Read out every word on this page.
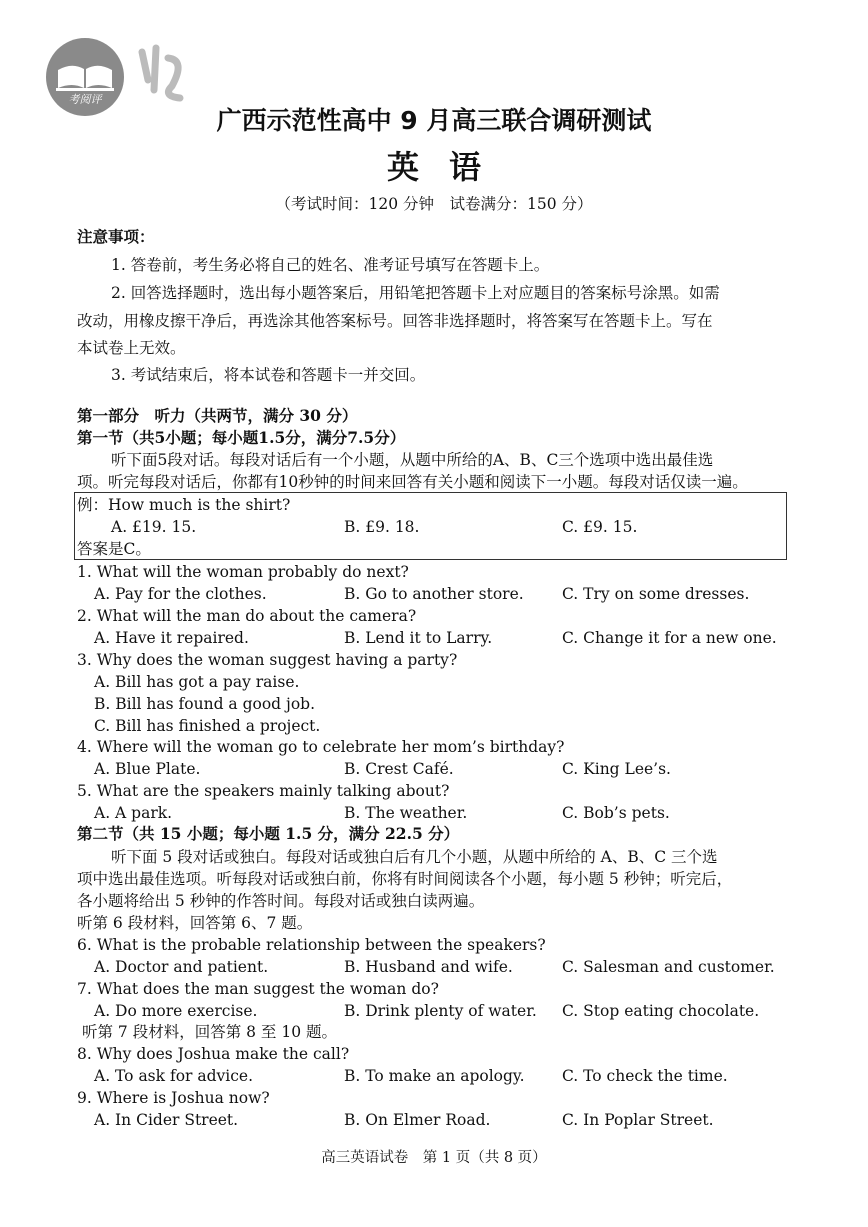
考阅评
广西示范性高中 9 月高三联合调研测试
英语
（考试时间：120 分钟　试卷满分：150 分）
注意事项：
1. 答卷前，考生务必将自己的姓名、准考证号填写在答题卡上。
2. 回答选择题时，选出每小题答案后，用铅笔把答题卡上对应题目的答案标号涂黑。如需
改动，用橡皮擦干净后，再选涂其他答案标号。回答非选择题时，将答案写在答题卡上。写在
本试卷上无效。
3. 考试结束后，将本试卷和答题卡一并交回。
第一部分　听力（共两节，满分 30 分）
第一节（共5小题；每小题1.5分，满分7.5分）
听下面5段对话。每段对话后有一个小题，从题中所给的A、B、C三个选项中选出最佳选
项。听完每段对话后，你都有10秒钟的时间来回答有关小题和阅读下一小题。每段对话仅读一遍。
例：How much is the shirt?
A. £19. 15.	B. £9. 18.	C. £9. 15.
答案是C。
1. What will the woman probably do next?
A. Pay for the clothes.	B. Go to another store. C. Try on some dresses.
2. What will the man do about the camera?
A. Have it repaired.	B. Lend it to Larry.	C. Change it for a new one.
3. Why does the woman suggest having a party?
A. Bill has got a pay raise.
B. Bill has found a good job.
C. Bill has finished a project.
4. Where will the woman go to celebrate her mom’s birthday?
A. Blue Plate.	B. Crest Café.	C. King Lee’s.
5. What are the speakers mainly talking about?
A. A park.	B. The weather.	C. Bob’s pets.
第二节（共 15 小题；每小题 1.5 分，满分 22.5 分）
听下面 5 段对话或独白。每段对话或独白后有几个小题，从题中所给的 A、B、C 三个选
项中选出最佳选项。听每段对话或独白前，你将有时间阅读各个小题，每小题 5 秒钟；听完后，
各小题将给出 5 秒钟的作答时间。每段对话或独白读两遍。
听第 6 段材料，回答第 6、7 题。
6. What is the probable relationship between the speakers?
A. Doctor and patient.	B. Husband and wife.	C. Salesman and customer.
7. What does the man suggest the woman do?
A. Do more exercise.	B. Drink plenty of water. C. Stop eating chocolate.
听第 7 段材料，回答第 8 至 10 题。
8. Why does Joshua make the call?
A. To ask for advice.	B. To make an apology. C. To check the time.
9. Where is Joshua now?
A. In Cider Street.	B. On Elmer Road.	C. In Poplar Street.
高三英语试卷　第 1 页（共 8 页）
